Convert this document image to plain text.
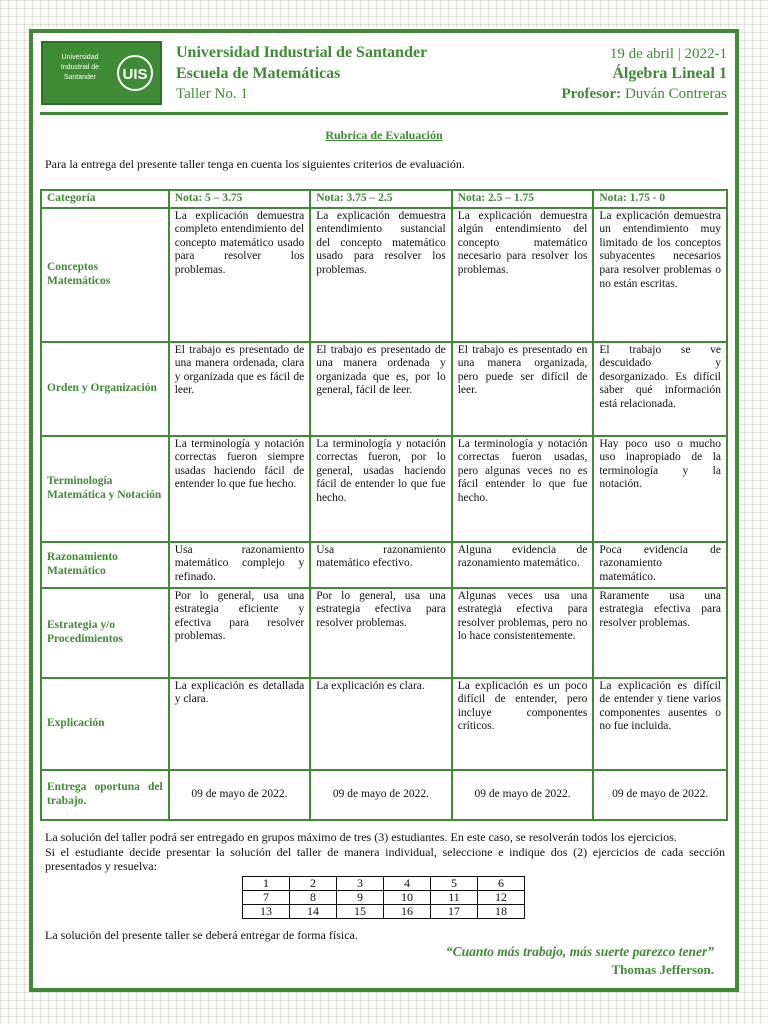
Universidad
Industrial de
Santander	UIS
Universidad Industrial de Santander
Escuela de Matemáticas
Taller No. 1
19 de abril | 2022-1
Álgebra Lineal 1
Profesor: Duván Contreras
Rubrica de Evaluación
Para la entrega del presente taller tenga en cuenta los siguientes criterios de evaluación.
Categoría	Nota: 5 – 3.75	Nota: 3.75 – 2.5	Nota: 2.5 – 1.75	Nota: 1.75 - 0
Conceptos Matemáticos	La explicación demuestra completo entendimiento del concepto matemático usado para resolver los problemas.	La explicación demuestra entendimiento sustancial del concepto matemático usado para resolver los problemas.	La explicación demuestra algún entendimiento del concepto matemático necesario para resolver los problemas.	La explicación demuestra un entendimiento muy limitado de los conceptos subyacentes necesarios para resolver problemas o no están escritas.
Orden y Organización	El trabajo es presentado de una manera ordenada, clara y organizada que es fácil de leer.	El trabajo es presentado de una manera ordenada y organizada que es, por lo general, fácil de leer.	El trabajo es presentado en una manera organizada, pero puede ser difícil de leer.	El trabajo se ve descuidado y desorganizado. Es difícil saber qué información está relacionada.
Terminología Matemática y Notación	La terminología y notación correctas fueron siempre usadas haciendo fácil de entender lo que fue hecho.	La terminología y notación correctas fueron, por lo general, usadas haciendo fácil de entender lo que fue hecho.	La terminología y notación correctas fueron usadas, pero algunas veces no es fácil entender lo que fue hecho.	Hay poco uso o mucho uso inapropiado de la terminología y la notación.
Razonamiento Matemático	Usa razonamiento matemático complejo y refinado.	Usa razonamiento matemático efectivo.	Alguna evidencia de razonamiento matemático.	Poca evidencia de razonamiento matemático.
Estrategia y/o Procedimientos	Por lo general, usa una estrategia eficiente y efectiva para resolver problemas.	Por lo general, usa una estrategia efectiva para resolver problemas.	Algunas veces usa una estrategia efectiva para resolver problemas, pero no lo hace consistentemente.	Raramente usa una estrategia efectiva para resolver problemas.
Explicación	La explicación es detallada y clara.	La explicación es clara.	La explicación es un poco difícil de entender, pero incluye componentes críticos.	La explicación es difícil de entender y tiene varios componentes ausentes o no fue incluida.
Entrega oportuna del trabajo.	09 de mayo de 2022.	09 de mayo de 2022.	09 de mayo de 2022.	09 de mayo de 2022.
La solución del taller podrá ser entregado en grupos máximo de tres (3) estudiantes. En este caso, se resolverán todos los ejercicios.
Si el estudiante decide presentar la solución del taller de manera individual, seleccione e indique dos (2) ejercicios de cada sección presentados y resuelva:
1	2	3	4	5	6
7	8	9	10	11	12
13	14	15	16	17	18
La solución del presente taller se deberá entregar de forma física.
“Cuanto más trabajo, más suerte parezco tener”
Thomas Jefferson.
